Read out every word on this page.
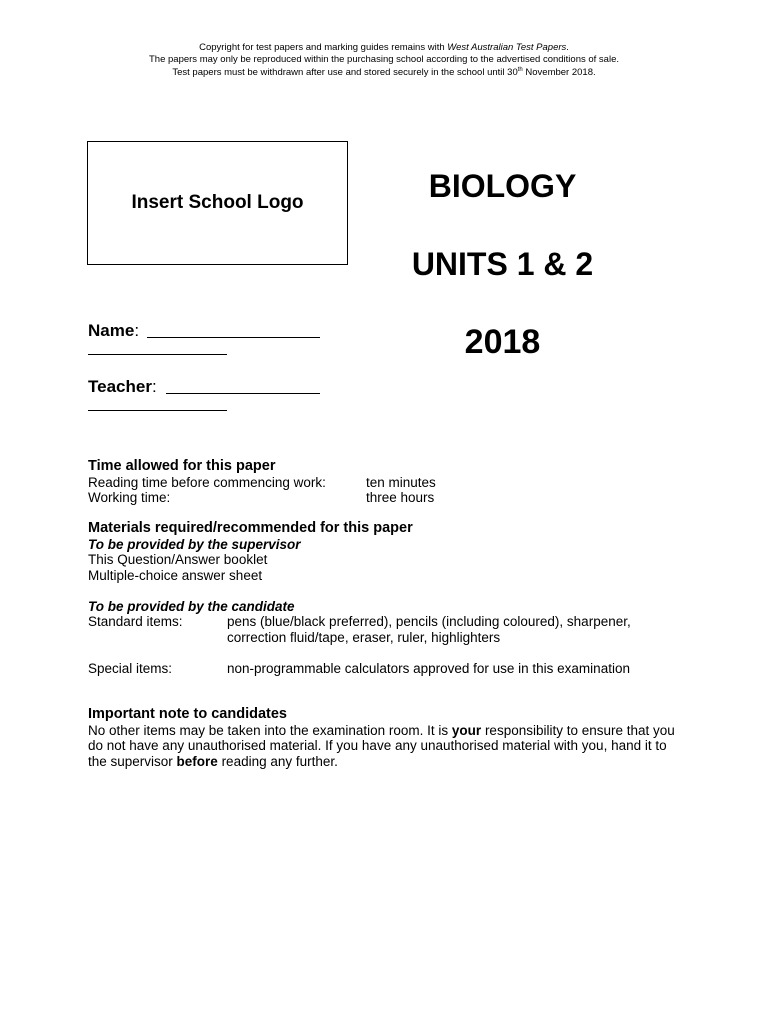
Copyright for test papers and marking guides remains with West Australian Test Papers.
The papers may only be reproduced within the purchasing school according to the advertised conditions of sale.
Test papers must be withdrawn after use and stored securely in the school until 30th November 2018.
Insert School Logo	BIOLOGY
UNITS 1 & 2
2018
Name:
Teacher:
Time allowed for this paper
Reading time before commencing work:	ten minutes
Working time:	three hours
Materials required/recommended for this paper
To be provided by the supervisor
This Question/Answer booklet
Multiple-choice answer sheet
To be provided by the candidate
Standard items:	pens (blue/black preferred), pencils (including coloured), sharpener, correction fluid/tape, eraser, ruler, highlighters
Special items:	non-programmable calculators approved for use in this examination
Important note to candidates
No other items may be taken into the examination room. It is your responsibility to ensure that you do not have any unauthorised material. If you have any unauthorised material with you, hand it to the supervisor before reading any further.
